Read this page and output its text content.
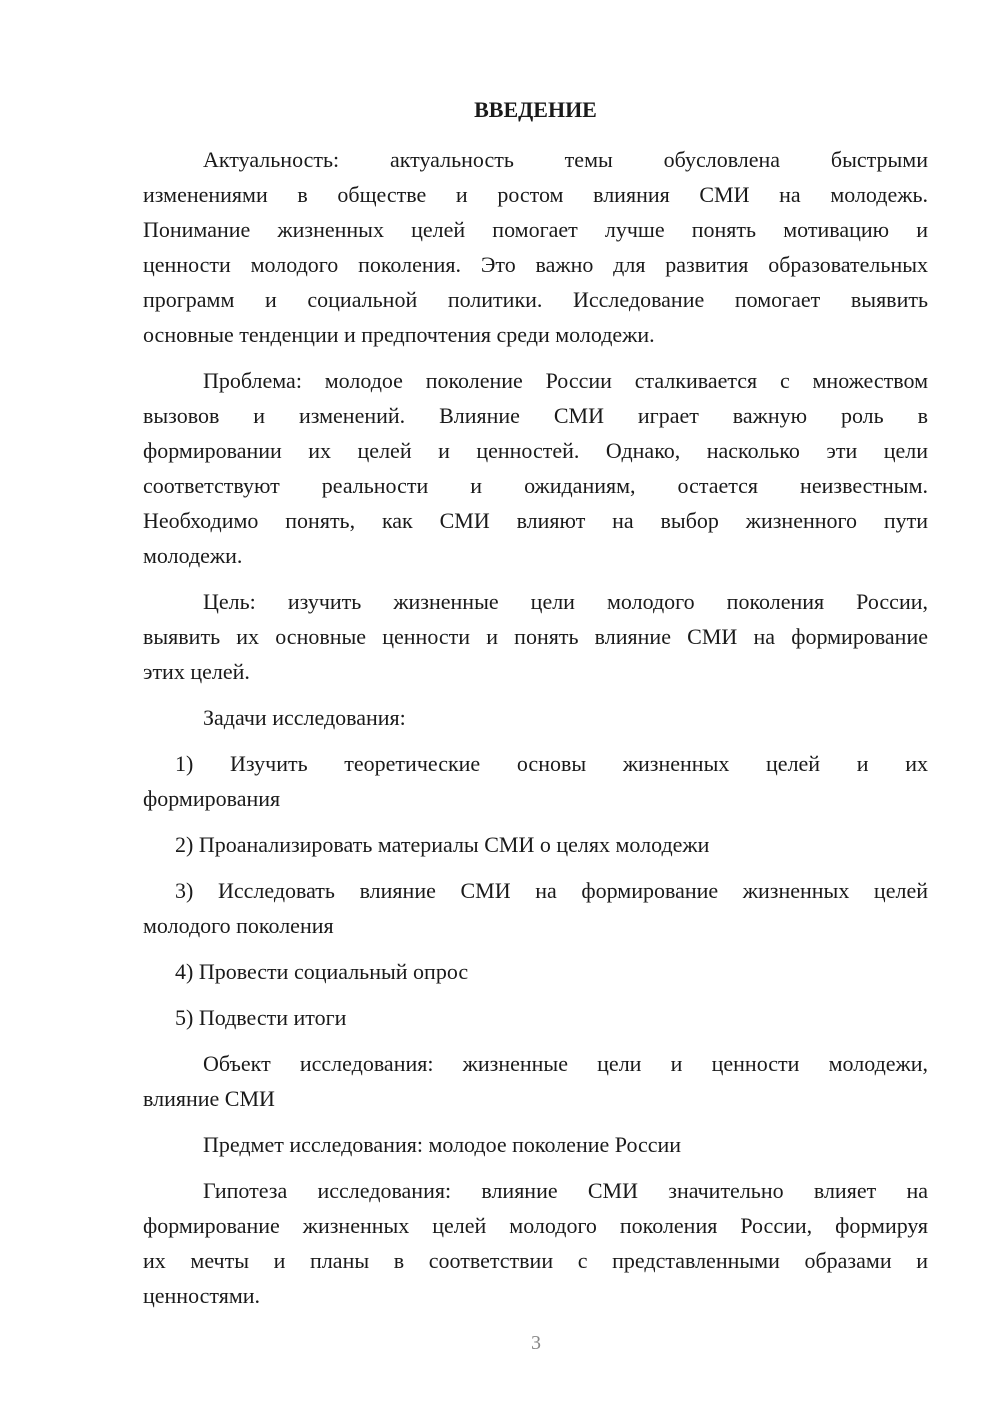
ВВЕДЕНИЕ
Актуальность: актуальность темы обусловлена быстрыми
изменениями в обществе и ростом влияния СМИ на молодежь.
Понимание жизненных целей помогает лучше понять мотивацию и
ценности молодого поколения. Это важно для развития образовательных
программ и социальной политики. Исследование помогает выявить
основные тенденции и предпочтения среди молодежи.
Проблема: молодое поколение России сталкивается с множеством
вызовов и изменений. Влияние СМИ играет важную роль в
формировании их целей и ценностей. Однако, насколько эти цели
соответствуют реальности и ожиданиям, остается неизвестным.
Необходимо понять, как СМИ влияют на выбор жизненного пути
молодежи.
Цель: изучить жизненные цели молодого поколения России,
выявить их основные ценности и понять влияние СМИ на формирование
этих целей.
Задачи исследования:
1) Изучить теоретические основы жизненных целей и их
формирования
2) Проанализировать материалы СМИ о целях молодежи
3) Исследовать влияние СМИ на формирование жизненных целей
молодого поколения
4) Провести социальный опрос
5) Подвести итоги
Объект исследования: жизненные цели и ценности молодежи,
влияние СМИ
Предмет исследования: молодое поколение России
Гипотеза исследования: влияние СМИ значительно влияет на
формирование жизненных целей молодого поколения России, формируя
их мечты и планы в соответствии с представленными образами и
ценностями.
3
